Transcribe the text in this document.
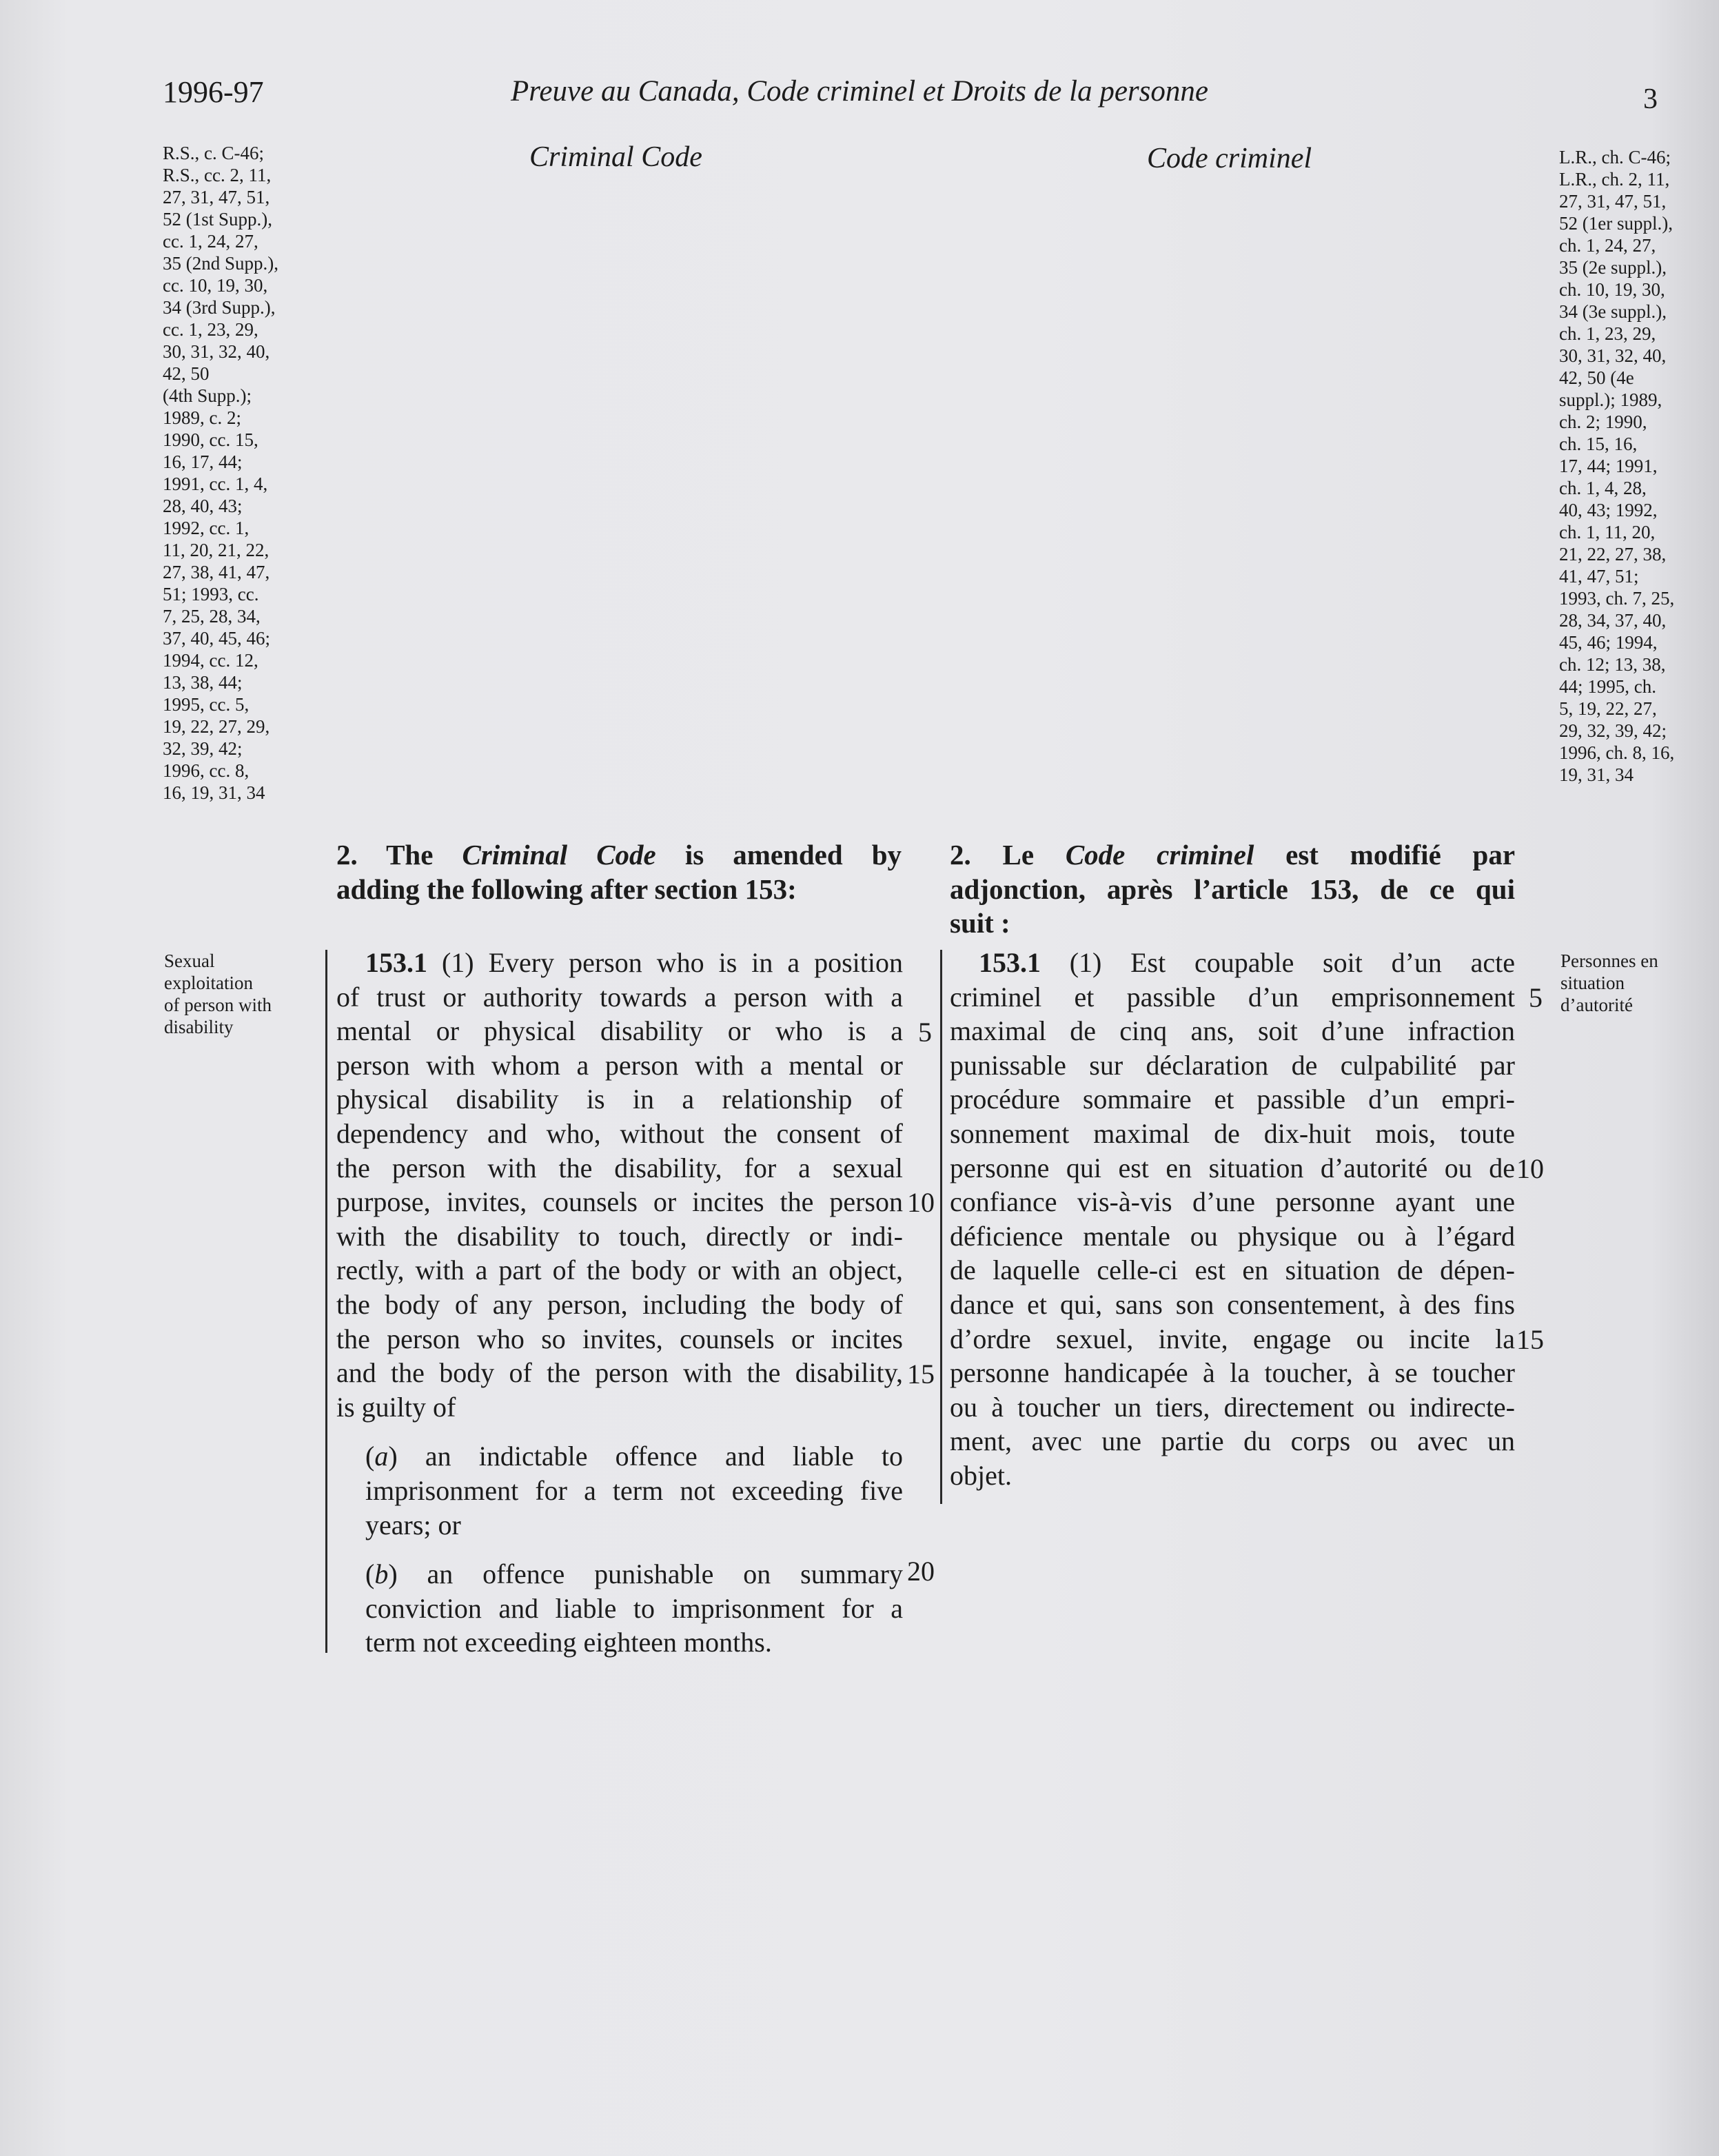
1996-97	Preuve au Canada, Code criminel et Droits de la personne	3
Criminal Code	Code criminel
R.S., c. C-46;
R.S., cc. 2, 11,
27, 31, 47, 51,
52 (1st Supp.),
cc. 1, 24, 27,
35 (2nd Supp.),
cc. 10, 19, 30,
34 (3rd Supp.),
cc. 1, 23, 29,
30, 31, 32, 40,
42, 50
(4th Supp.);
1989, c. 2;
1990, cc. 15,
16, 17, 44;
1991, cc. 1, 4,
28, 40, 43;
1992, cc. 1,
11, 20, 21, 22,
27, 38, 41, 47,
51; 1993, cc.
7, 25, 28, 34,
37, 40, 45, 46;
1994, cc. 12,
13, 38, 44;
1995, cc. 5,
19, 22, 27, 29,
32, 39, 42;
1996, cc. 8,
16, 19, 31, 34
L.R., ch. C-46;
L.R., ch. 2, 11,
27, 31, 47, 51,
52 (1er suppl.),
ch. 1, 24, 27,
35 (2e suppl.),
ch. 10, 19, 30,
34 (3e suppl.),
ch. 1, 23, 29,
30, 31, 32, 40,
42, 50 (4e
suppl.); 1989,
ch. 2; 1990,
ch. 15, 16,
17, 44; 1991,
ch. 1, 4, 28,
40, 43; 1992,
ch. 1, 11, 20,
21, 22, 27, 38,
41, 47, 51;
1993, ch. 7, 25,
28, 34, 37, 40,
45, 46; 1994,
ch. 12; 13, 38,
44; 1995, ch.
5, 19, 22, 27,
29, 32, 39, 42;
1996, ch. 8, 16,
19, 31, 34
2. The Criminal Code is amended by
adding the following after section 153:
2. Le Code criminel est modifié par
adjonction, après l’article 153, de ce qui
suit :
Sexual
exploitation
of person with
disability
Personnes en
situation
d’autorité
153.1 (1) Every person who is in a position
of trust or authority towards a person with a
mental or physical disability or who is a
person with whom a person with a mental or
physical disability is in a relationship of
dependency and who, without the consent of
the person with the disability, for a sexual
purpose, invites, counsels or incites the person
with the disability to touch, directly or indi-
rectly, with a part of the body or with an object,
the body of any person, including the body of
the person who so invites, counsels or incites
and the body of the person with the disability,
is guilty of
(a) an indictable offence and liable to
imprisonment for a term not exceeding five
years; or
(b) an offence punishable on summary
conviction and liable to imprisonment for a
term not exceeding eighteen months.
5
10
15
20
153.1 (1) Est coupable soit d’un acte
criminel et passible d’un emprisonnement
maximal de cinq ans, soit d’une infraction
punissable sur déclaration de culpabilité par
procédure sommaire et passible d’un empri-
sonnement maximal de dix-huit mois, toute
personne qui est en situation d’autorité ou de
confiance vis-à-vis d’une personne ayant une
déficience mentale ou physique ou à l’égard
de laquelle celle-ci est en situation de dépen-
dance et qui, sans son consentement, à des fins
d’ordre sexuel, invite, engage ou incite la
personne handicapée à la toucher, à se toucher
ou à toucher un tiers, directement ou indirecte-
ment, avec une partie du corps ou avec un
objet.
5
10
15
